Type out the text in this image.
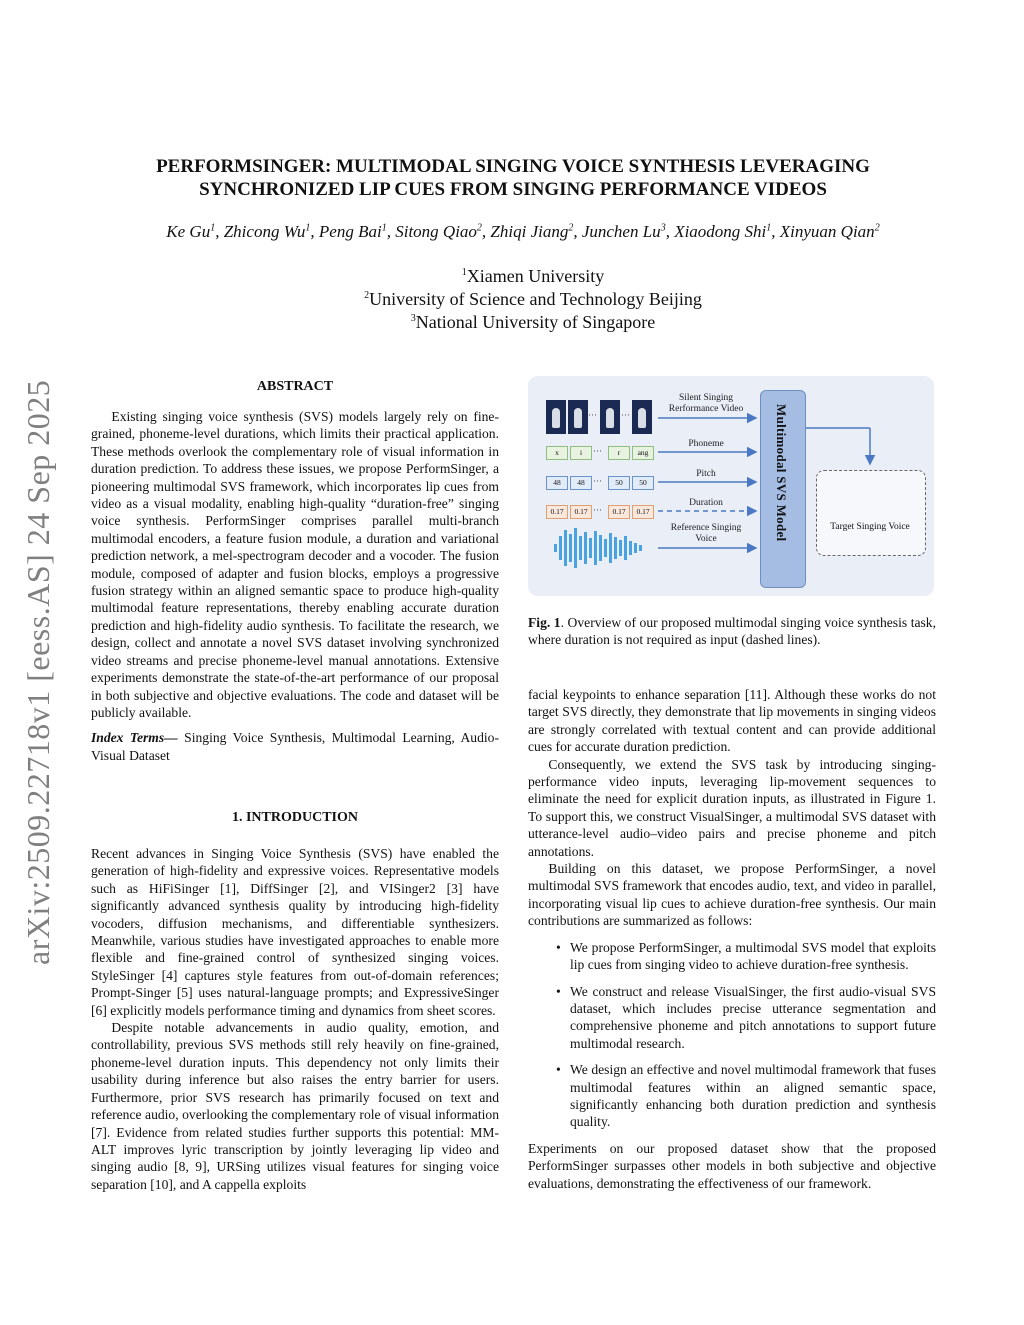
arXiv:2509.22718v1 [eess.AS] 24 Sep 2025
PERFORMSINGER: MULTIMODAL SINGING VOICE SYNTHESIS LEVERAGING
SYNCHRONIZED LIP CUES FROM SINGING PERFORMANCE VIDEOS
Ke Gu$^1$, Zhicong Wu$^1$, Peng Bai$^1$, Sitong Qiao$^2$, Zhiqi Jiang$^2$, Junchen Lu$^3$, Xiaodong Shi$^1$, Xinyuan Qian$^2$
$^1$Xiamen University
$^2$University of Science and Technology Beijing
$^3$National University of Singapore
ABSTRACT

Existing singing voice synthesis (SVS) models largely rely on fine-grained, phoneme-level durations, which limits their practical application. These methods overlook the complementary role of visual information in duration prediction. To address these issues, we propose PerformSinger, a pioneering multimodal SVS framework, which incorporates lip cues from video as a visual modality, enabling high-quality “duration-free” singing voice synthesis. PerformSinger comprises parallel multi-branch multimodal encoders, a feature fusion module, a duration and variational prediction network, a mel-spectrogram decoder and a vocoder. The fusion module, composed of adapter and fusion blocks, employs a progressive fusion strategy within an aligned semantic space to produce high-quality multimodal feature representations, thereby enabling accurate duration prediction and high-fidelity audio synthesis. To facilitate the research, we design, collect and annotate a novel SVS dataset involving synchronized video streams and precise phoneme-level manual annotations. Extensive experiments demonstrate the state-of-the-art performance of our proposal in both subjective and objective evaluations. The code and dataset will be publicly available.

Index Terms— Singing Voice Synthesis, Multimodal Learning, Audio-Visual Dataset

1. INTRODUCTION

Recent advances in Singing Voice Synthesis (SVS) have enabled the generation of high-fidelity and expressive voices. Representative models such as HiFiSinger [1], DiffSinger [2], and VISinger2 [3] have significantly advanced synthesis quality by introducing high-fidelity vocoders, diffusion mechanisms, and differentiable synthesizers. Meanwhile, various studies have investigated approaches to enable more flexible and fine-grained control of synthesized singing voices. StyleSinger [4] captures style features from out-of-domain references; Prompt-Singer [5] uses natural-language prompts; and ExpressiveSinger [6] explicitly models performance timing and dynamics from sheet scores.

Despite notable advancements in audio quality, emotion, and controllability, previous SVS methods still rely heavily on fine-grained, phoneme-level duration inputs. This dependency not only limits their usability during inference but also raises the entry barrier for users. Furthermore, prior SVS research has primarily focused on text and reference audio, overlooking the complementary role of visual information [7]. Evidence from related studies further supports this potential: MM-ALT improves lyric transcription by jointly leveraging lip video and singing audio [8, 9], URSing utilizes visual features for singing voice separation [10], and A cappella exploits

···	···
x	i	···	r	ang
48	48 ···	50	50
0.17	0.17 ···	0.17	0.17
Silent Singing Rerformance Video
Phoneme
Pitch
Duration
Reference Singing Voice	Multimodal SVS Model	Target Singing Voice
Fig. 1. Overview of our proposed multimodal singing voice synthesis task, where duration is not required as input (dashed lines).

facial keypoints to enhance separation [11]. Although these works do not target SVS directly, they demonstrate that lip movements in singing videos are strongly correlated with textual content and can provide additional cues for accurate duration prediction.

Consequently, we extend the SVS task by introducing singing-performance video inputs, leveraging lip-movement sequences to eliminate the need for explicit duration inputs, as illustrated in Figure 1. To support this, we construct VisualSinger, a multimodal SVS dataset with utterance-level audio–video pairs and precise phoneme and pitch annotations.

Building on this dataset, we propose PerformSinger, a novel multimodal SVS framework that encodes audio, text, and video in parallel, incorporating visual lip cues to achieve duration-free synthesis. Our main contributions are summarized as follows:

• We propose PerformSinger, a multimodal SVS model that exploits lip cues from singing video to achieve duration-free synthesis.
• We construct and release VisualSinger, the first audio-visual SVS dataset, which includes precise utterance segmentation and comprehensive phoneme and pitch annotations to support future multimodal research.
• We design an effective and novel multimodal framework that fuses multimodal features within an aligned semantic space, significantly enhancing both duration prediction and synthesis quality.

Experiments on our proposed dataset show that the proposed PerformSinger surpasses other models in both subjective and objective evaluations, demonstrating the effectiveness of our framework.
